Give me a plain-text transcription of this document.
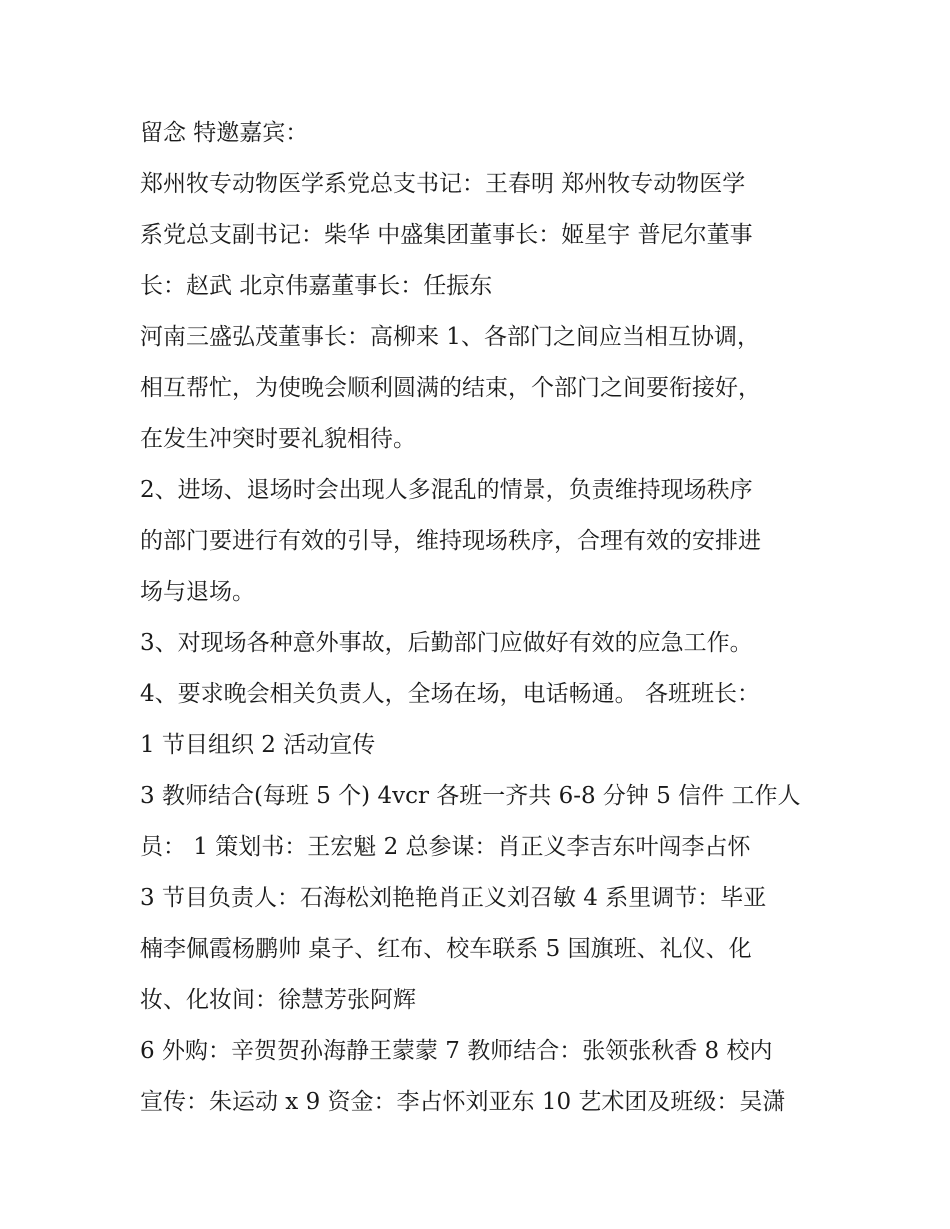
留念 特邀嘉宾：
郑州牧专动物医学系党总支书记：王春明 郑州牧专动物医学
系党总支副书记：柴华 中盛集团董事长：姬星宇 普尼尔董事
长：赵武 北京伟嘉董事长：任振东
河南三盛弘茂董事长：高柳来 1、各部门之间应当相互协调，
相互帮忙，为使晚会顺利圆满的结束，个部门之间要衔接好，
在发生冲突时要礼貌相待。
2、进场、退场时会出现人多混乱的情景，负责维持现场秩序
的部门要进行有效的引导，维持现场秩序，合理有效的安排进
场与退场。
3、对现场各种意外事故，后勤部门应做好有效的应急工作。
4、要求晚会相关负责人，全场在场，电话畅通。 各班班长：
1 节目组织 2 活动宣传
3 教师结合(每班 5 个) 4vcr 各班一齐共 6-8 分钟 5 信件 工作人
员： 1 策划书：王宏魁 2 总参谋：肖正义李吉东叶闯李占怀
3 节目负责人：石海松刘艳艳肖正义刘召敏 4 系里调节：毕亚
楠李佩霞杨鹏帅 桌子、红布、校车联系 5 国旗班、礼仪、化
妆、化妆间：徐慧芳张阿辉
6 外购：辛贺贺孙海静王蒙蒙 7 教师结合：张领张秋香 8 校内
宣传：朱运动 x 9 资金：李占怀刘亚东 10 艺术团及班级：吴潇
